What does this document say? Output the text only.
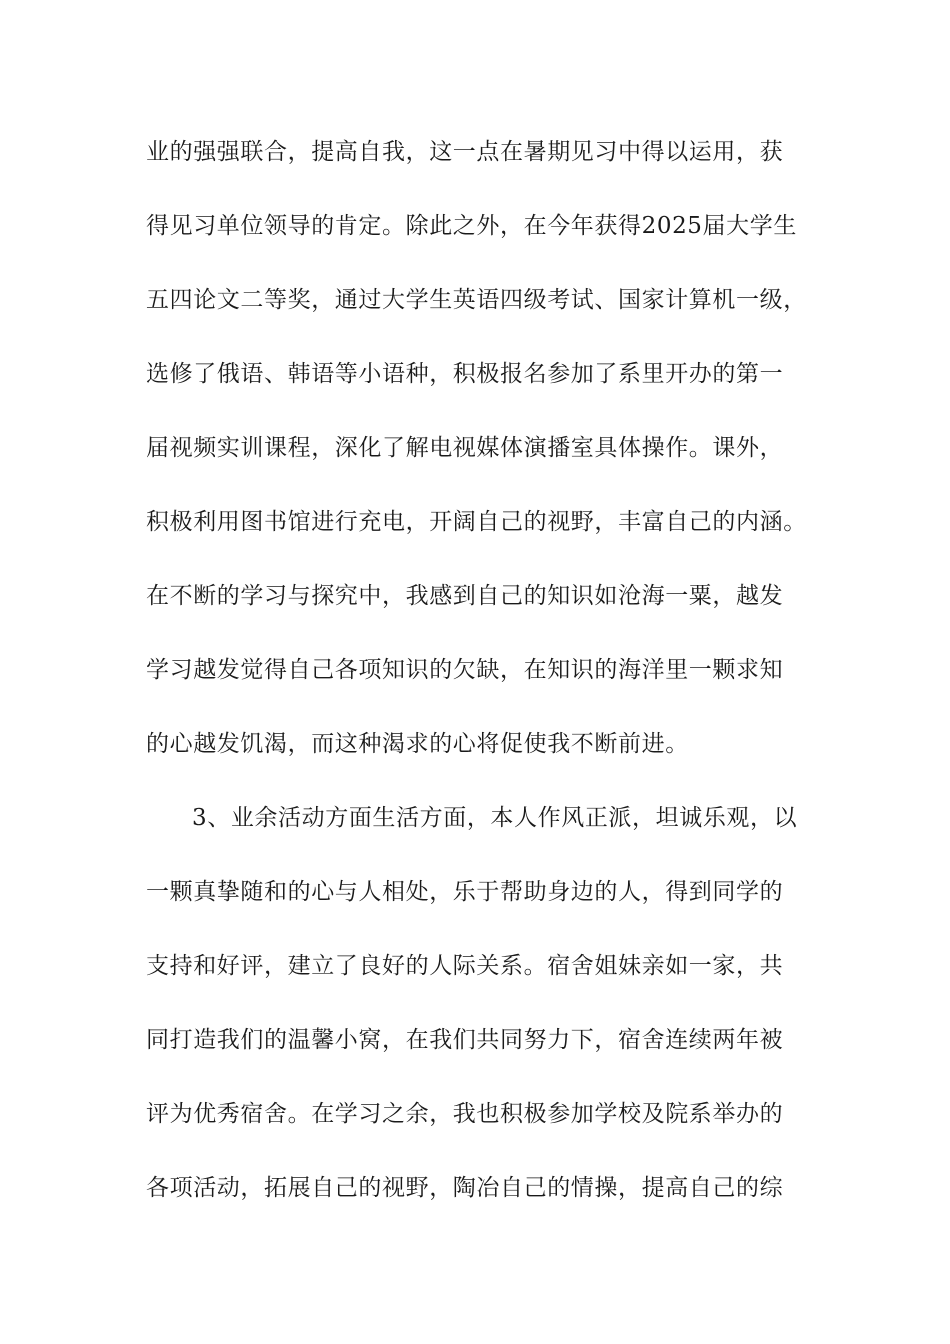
业的强强联合，提高自我，这一点在暑期见习中得以运用，获
得见习单位领导的肯定。除此之外，在今年获得2025届大学生
五四论文二等奖，通过大学生英语四级考试、国家计算机一级，
选修了俄语、韩语等小语种，积极报名参加了系里开办的第一
届视频实训课程，深化了解电视媒体演播室具体操作。课外，
积极利用图书馆进行充电，开阔自己的视野，丰富自己的内涵。
在不断的学习与探究中，我感到自己的知识如沧海一粟，越发
学习越发觉得自己各项知识的欠缺，在知识的海洋里一颗求知
的心越发饥渴，而这种渴求的心将促使我不断前进。
3、业余活动方面生活方面，本人作风正派，坦诚乐观，以
一颗真挚随和的心与人相处，乐于帮助身边的人，得到同学的
支持和好评，建立了良好的人际关系。宿舍姐妹亲如一家，共
同打造我们的温馨小窝，在我们共同努力下，宿舍连续两年被
评为优秀宿舍。在学习之余，我也积极参加学校及院系举办的
各项活动，拓展自己的视野，陶冶自己的情操，提高自己的综
